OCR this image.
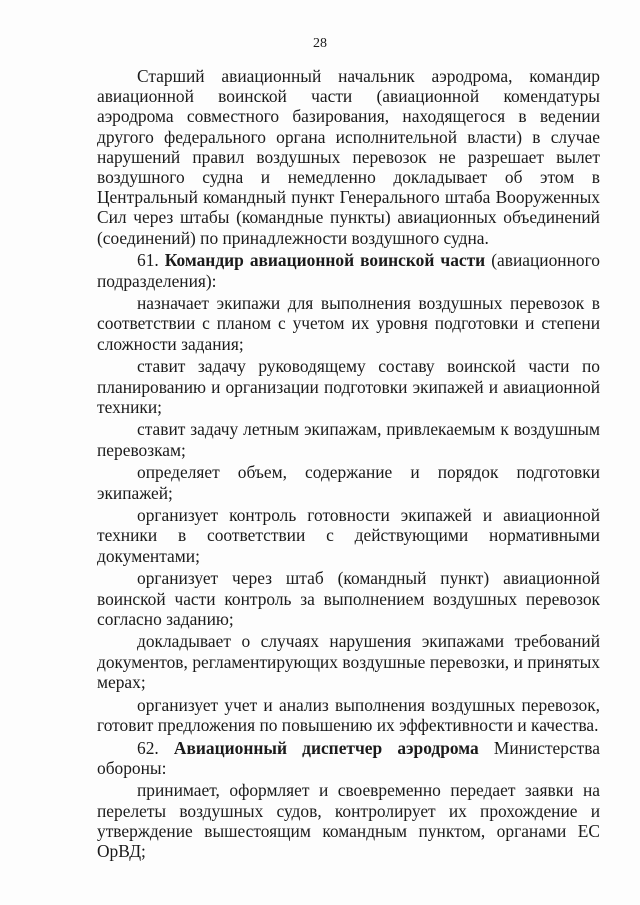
28

Старший авиационный начальник аэродрома, командир авиационной воинской части (авиационной комендатуры аэродрома совместного базирования, находящегося в ведении другого федерального органа исполнительной власти) в случае нарушений правил воздушных перевозок не разрешает вылет воздушного судна и немедленно докладывает об этом в Центральный командный пункт Генерального штаба Вооруженных Сил через штабы (командные пункты) авиационных объединений (соединений) по принадлежности воздушного судна.

61. Командир авиационной воинской части (авиационного подразделения):

назначает экипажи для выполнения воздушных перевозок в соответствии с планом с учетом их уровня подготовки и степени сложности задания;

ставит задачу руководящему составу воинской части по планированию и организации подготовки экипажей и авиационной техники;

ставит задачу летным экипажам, привлекаемым к воздушным перевозкам;

определяет объем, содержание и порядок подготовки экипажей;

организует контроль готовности экипажей и авиационной техники в соответствии с действующими нормативными документами;

организует через штаб (командный пункт) авиационной воинской части контроль за выполнением воздушных перевозок согласно заданию;

докладывает о случаях нарушения экипажами требований документов, регламентирующих воздушные перевозки, и принятых мерах;

организует учет и анализ выполнения воздушных перевозок, готовит предложения по повышению их эффективности и качества.

62. Авиационный диспетчер аэродрома Министерства обороны:

принимает, оформляет и своевременно передает заявки на перелеты воздушных судов, контролирует их прохождение и утверждение вышестоящим командным пунктом, органами ЕС ОрВД;
